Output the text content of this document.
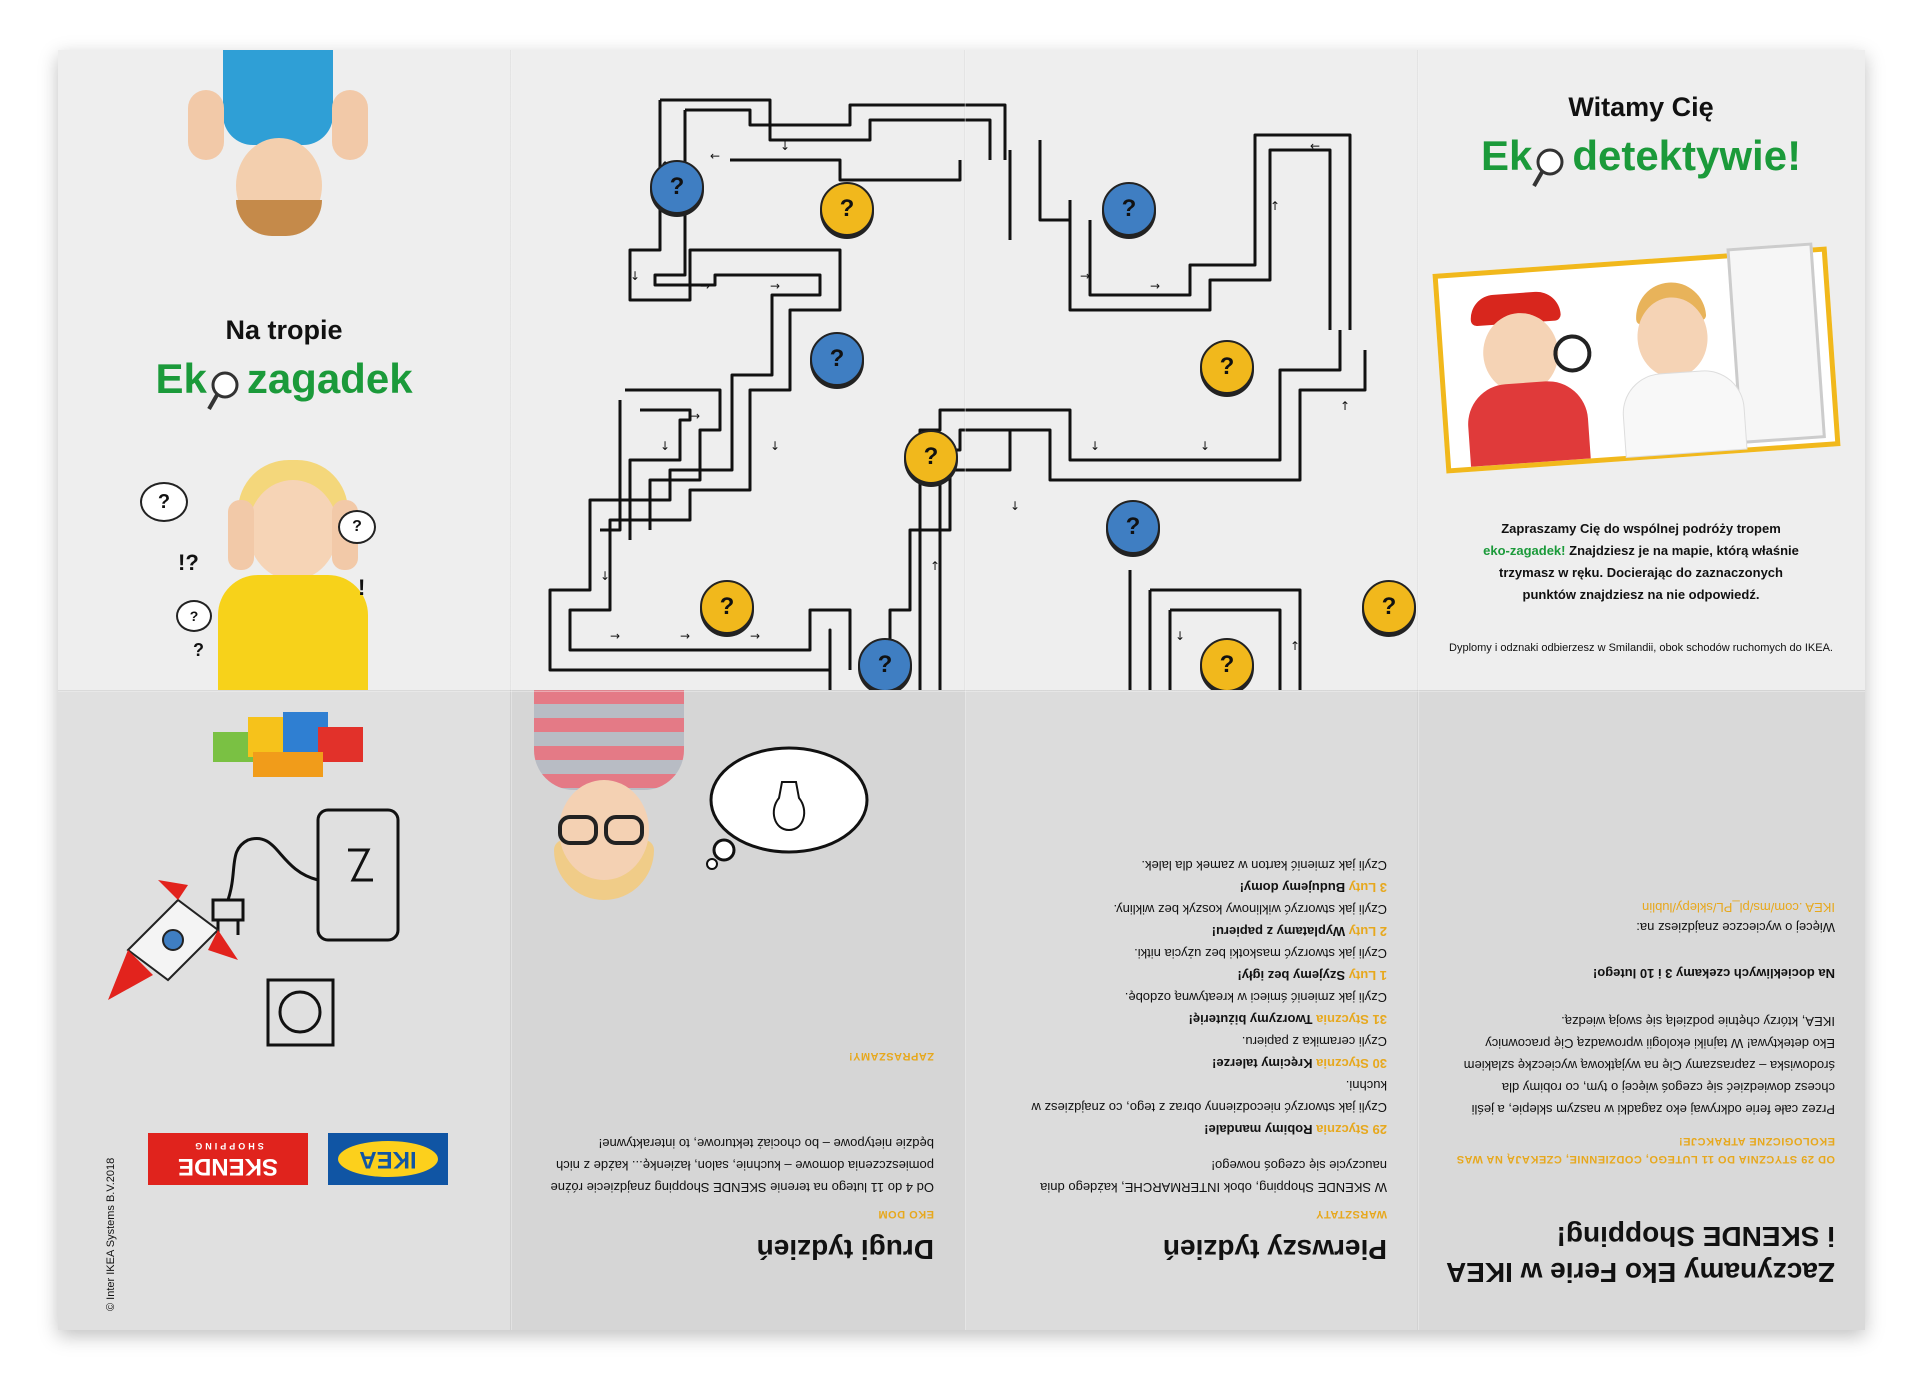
Na tropie
Ek zagadek
?
?
?
!?
!
?
←
↓
↓
→	→
↓
↓
→	→	→
↓
→
→
→
↑
←
↓
↑
↓	↓
↑
↓
↑
?
?	?
?	?
?
?
?	?
?	?
Witamy Cię
Ek detektywie!
Zapraszamy Cię do wspólnej podróży tropem
eko-zagadek! Znajdziesz je na mapie, którą właśnie
trzymasz w ręku. Docierając do zaznaczonych
punktów znajdziesz na nie odpowiedź.
Dyplomy i odznaki odbierzesz w Smilandii, obok schodów ruchomych do IKEA.
IKEA
SKENDE
SHOPPING
© Inter IKEA Systems B.V.2018	Drugi tydzień
EKO DOM
Od 4 do 11 lutego na terenie SKENDE Shopping znajdziecie różne pomieszczenia domowe – kuchnie, salon, łazienkę... każde z nich będzie nietypowe – bo chociaż tekturowe, to interaktywne!
ZAPRASZAMY!
Pierwszy tydzień
WARSZTATY
W SKENDE Shopping, obok INTERMARCHE, każdego dnia nauczycie się czegoś nowego!
29 Stycznia Robimy mandale!
Czyli jak stworzyć niecodzienny obraz z tego, co znajdziesz w kuchni.
30 Stycznia Kręcimy talerze!
Czyli ceramika z papieru.
31 Stycznia Tworzymy biżuterię!
Czyli jak zmienić śmieci w kreatywną ozdobę.
1 Luty Szyjemy bez igły!
Czyli jak stworzyć maskotki bez użycia nitki.
2 Luty Wyplatamy z papieru!
Czyli jak stworzyć wiklinowy koszyk bez wikliny.
3 Luty Budujemy domy!
Czyli jak zmienić karton w zamek dla lalek.
Zaczynamy Eko Ferie w IKEA i SKENDE Shopping!
OD 29 STYCZNIA DO 11 LUTEGO, CODZIENNIE, CZEKAJĄ NA WAS EKOLOGICZNE ATRAKCJE!
Przez całe ferie odkrywaj eko zagadki w naszym sklepie, a jeśli chcesz dowiedzieć się czegoś więcej o tym, co robimy dla środowiska – zapraszamy Cię na wyjątkową wycieczkę szlakiem Eko detektywa! W tajniki ekologii wprowadzą Cię pracownicy IKEA, którzy chętnie podzielą się swoją wiedzą.
Na dociekliwych czekamy 3 i 10 lutego!
Więcej o wycieczce znajdziesz na:
IKEA .com/ms/pl_PL/sklepy/lublin
